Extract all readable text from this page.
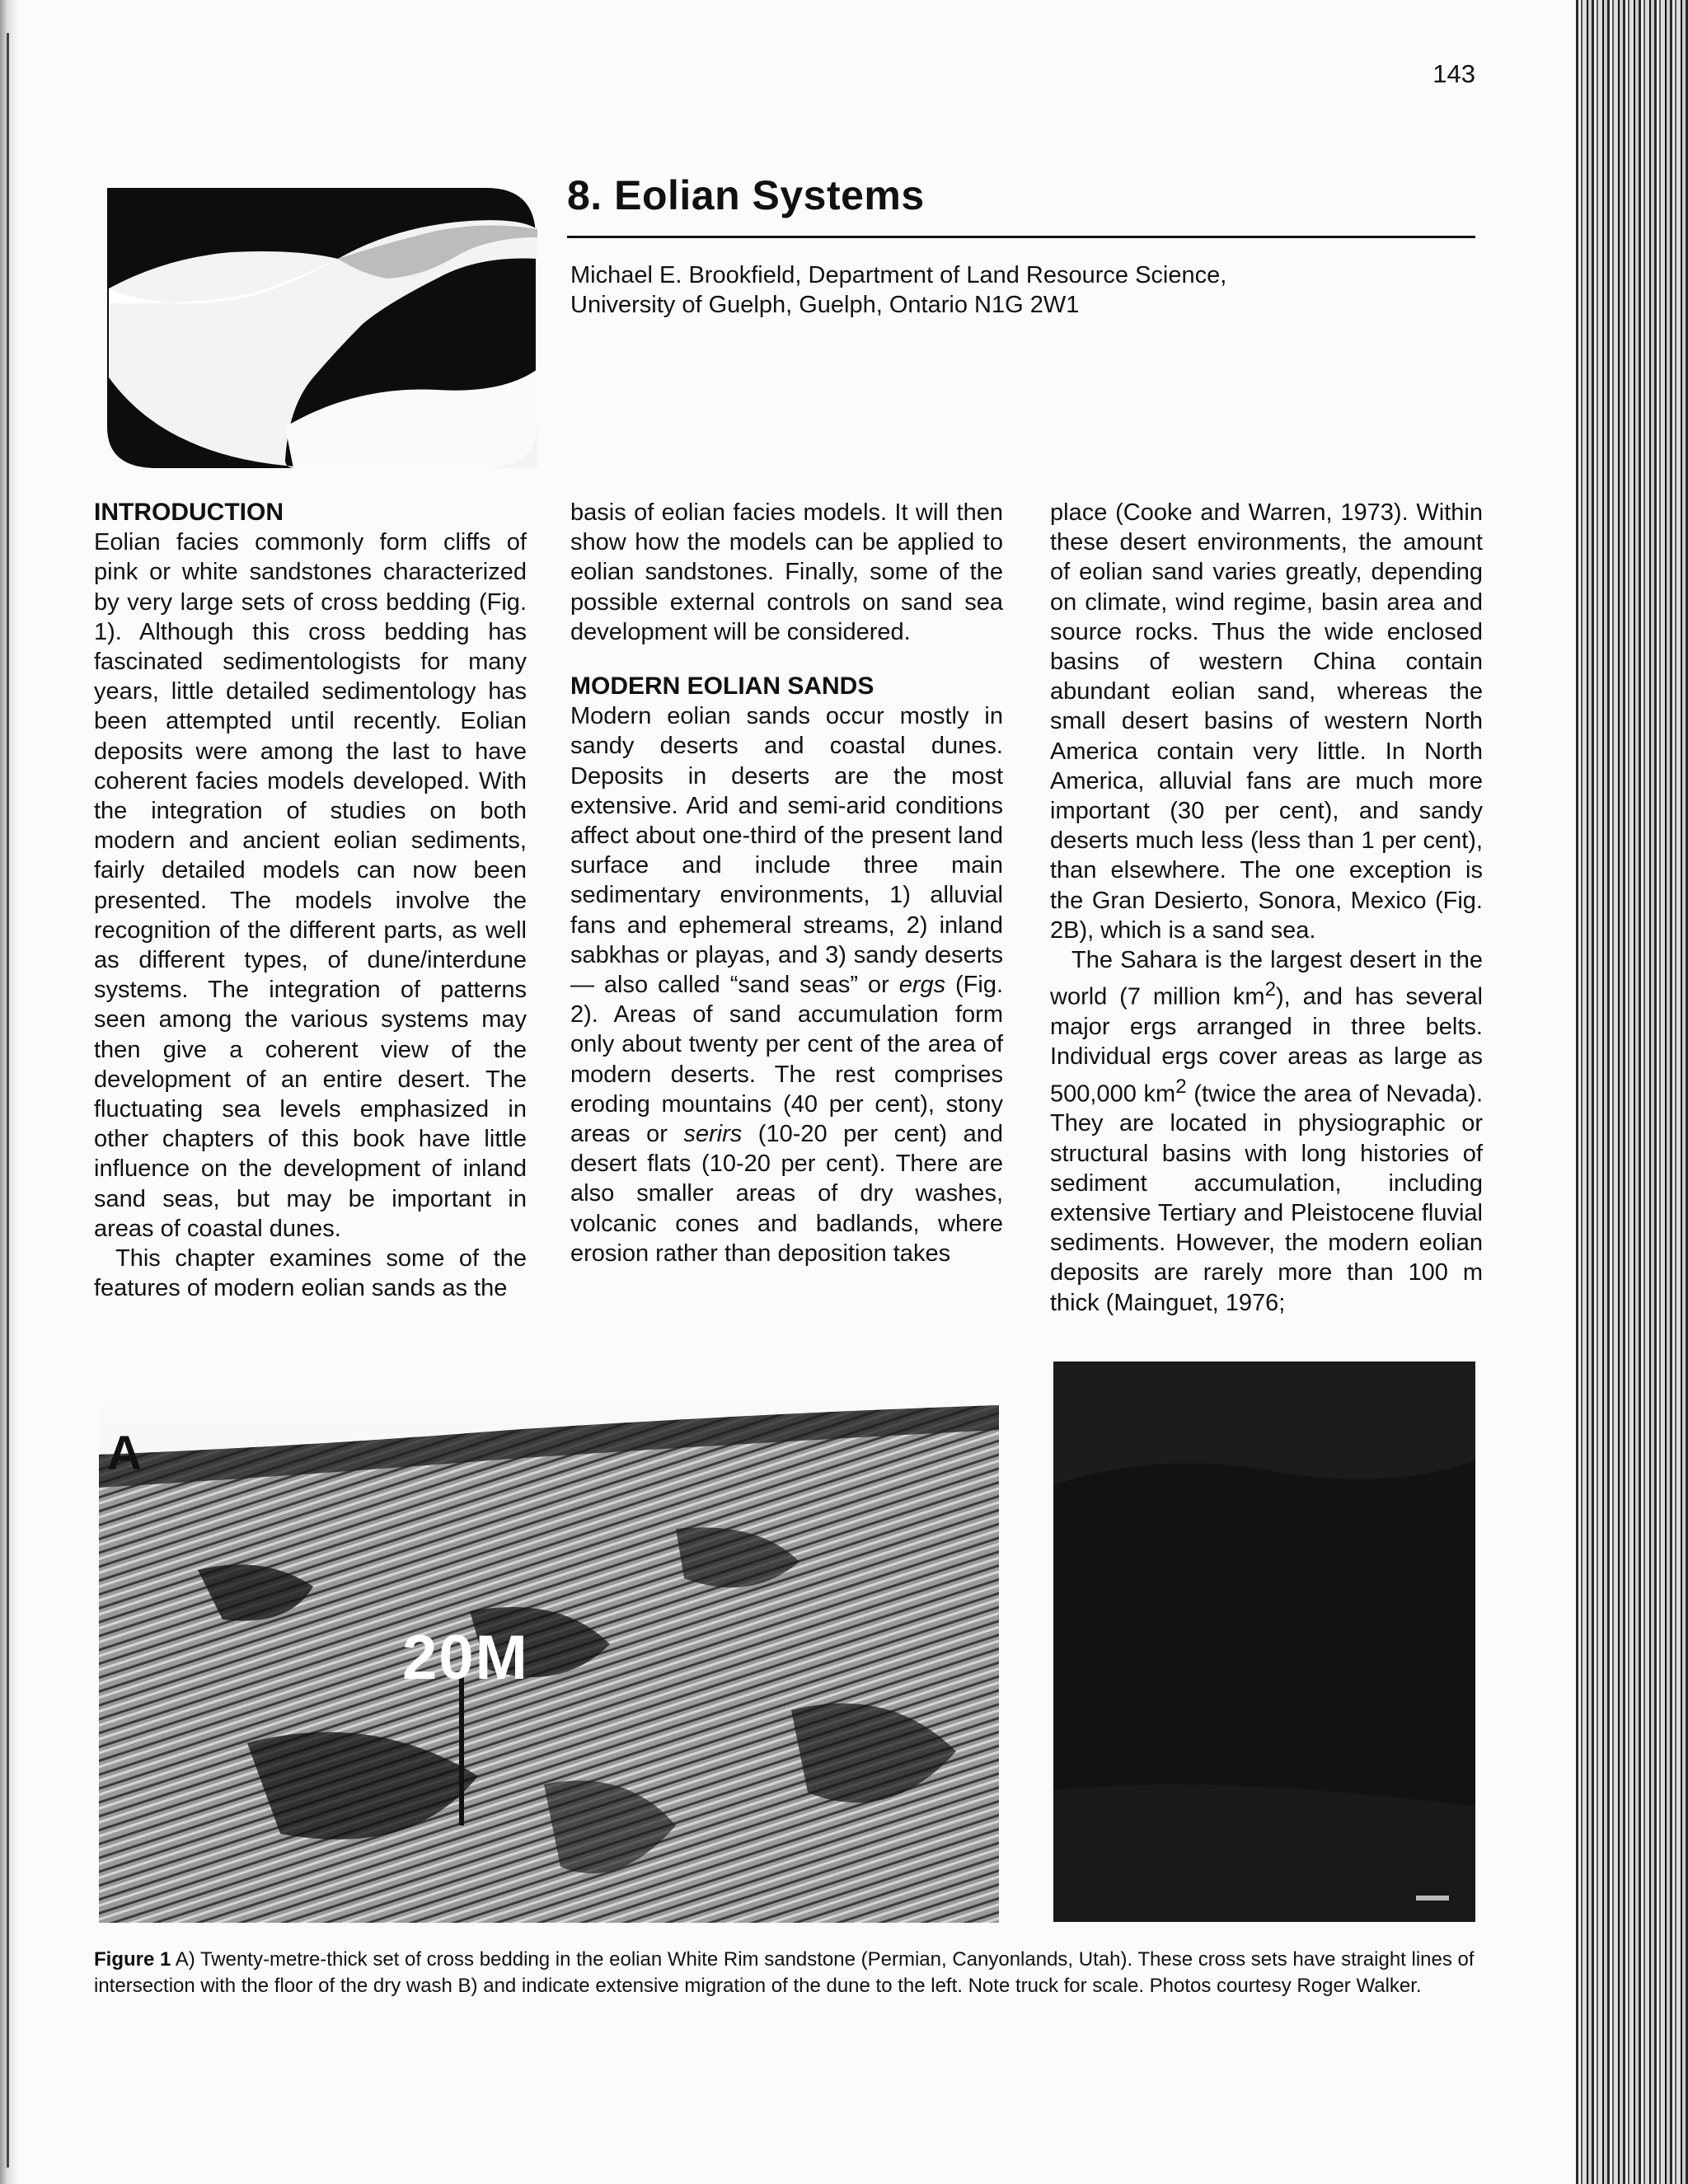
143
8. Eolian Systems
Michael E. Brookfield, Department of Land Resource Science,
University of Guelph, Guelph, Ontario N1G 2W1

INTRODUCTION

Eolian facies commonly form cliffs of pink or white sandstones characterized by very large sets of cross bedding (Fig. 1). Although this cross bedding has fascinated sedimentologists for many years, little detailed sedimentology has been attempted until recently. Eolian deposits were among the last to have coherent facies models developed. With the integration of studies on both modern and ancient eolian sediments, fairly detailed models can now been presented. The models involve the recognition of the different parts, as well as different types, of dune/interdune systems. The integration of patterns seen among the various systems may then give a coherent view of the development of an entire desert. The fluctuating sea levels emphasized in other chapters of this book have little influence on the development of inland sand seas, but may be important in areas of coastal dunes.

This chapter examines some of the features of modern eolian sands as the

basis of eolian facies models. It will then show how the models can be applied to eolian sandstones. Finally, some of the possible external controls on sand sea development will be considered.

MODERN EOLIAN SANDS

Modern eolian sands occur mostly in sandy deserts and coastal dunes. Deposits in deserts are the most extensive. Arid and semi-arid conditions affect about one-third of the present land surface and include three main sedimentary environments, 1) alluvial fans and ephemeral streams, 2) inland sabkhas or playas, and 3) sandy deserts — also called “sand seas” or ergs (Fig. 2). Areas of sand accumulation form only about twenty per cent of the area of modern deserts. The rest comprises eroding mountains (40 per cent), stony areas or serirs (10-20 per cent) and desert flats (10-20 per cent). There are also smaller areas of dry washes, volcanic cones and badlands, where erosion rather than deposition takes

place (Cooke and Warren, 1973). Within these desert environments, the amount of eolian sand varies greatly, depending on climate, wind regime, basin area and source rocks. Thus the wide enclosed basins of western China contain abundant eolian sand, whereas the small desert basins of western North America contain very little. In North America, alluvial fans are much more important (30 per cent), and sandy deserts much less (less than 1 per cent), than elsewhere. The one exception is the Gran Desierto, Sonora, Mexico (Fig. 2B), which is a sand sea.

The Sahara is the largest desert in the world (7 million $km^2$), and has several major ergs arranged in three belts. Individual ergs cover areas as large as 500,000 $km^2$ (twice the area of Nevada). They are located in physiographic or structural basins with long histories of sediment accumulation, including extensive Tertiary and Pleistocene fluvial sediments. However, the modern eolian deposits are rarely more than 100 m thick (Mainguet, 1976;

A
20M
Figure 1 A) Twenty-metre-thick set of cross bedding in the eolian White Rim sandstone (Permian, Canyonlands, Utah). These cross sets have straight lines of intersection with the floor of the dry wash B) and indicate extensive migration of the dune to the left. Note truck for scale. Photos courtesy Roger Walker.
